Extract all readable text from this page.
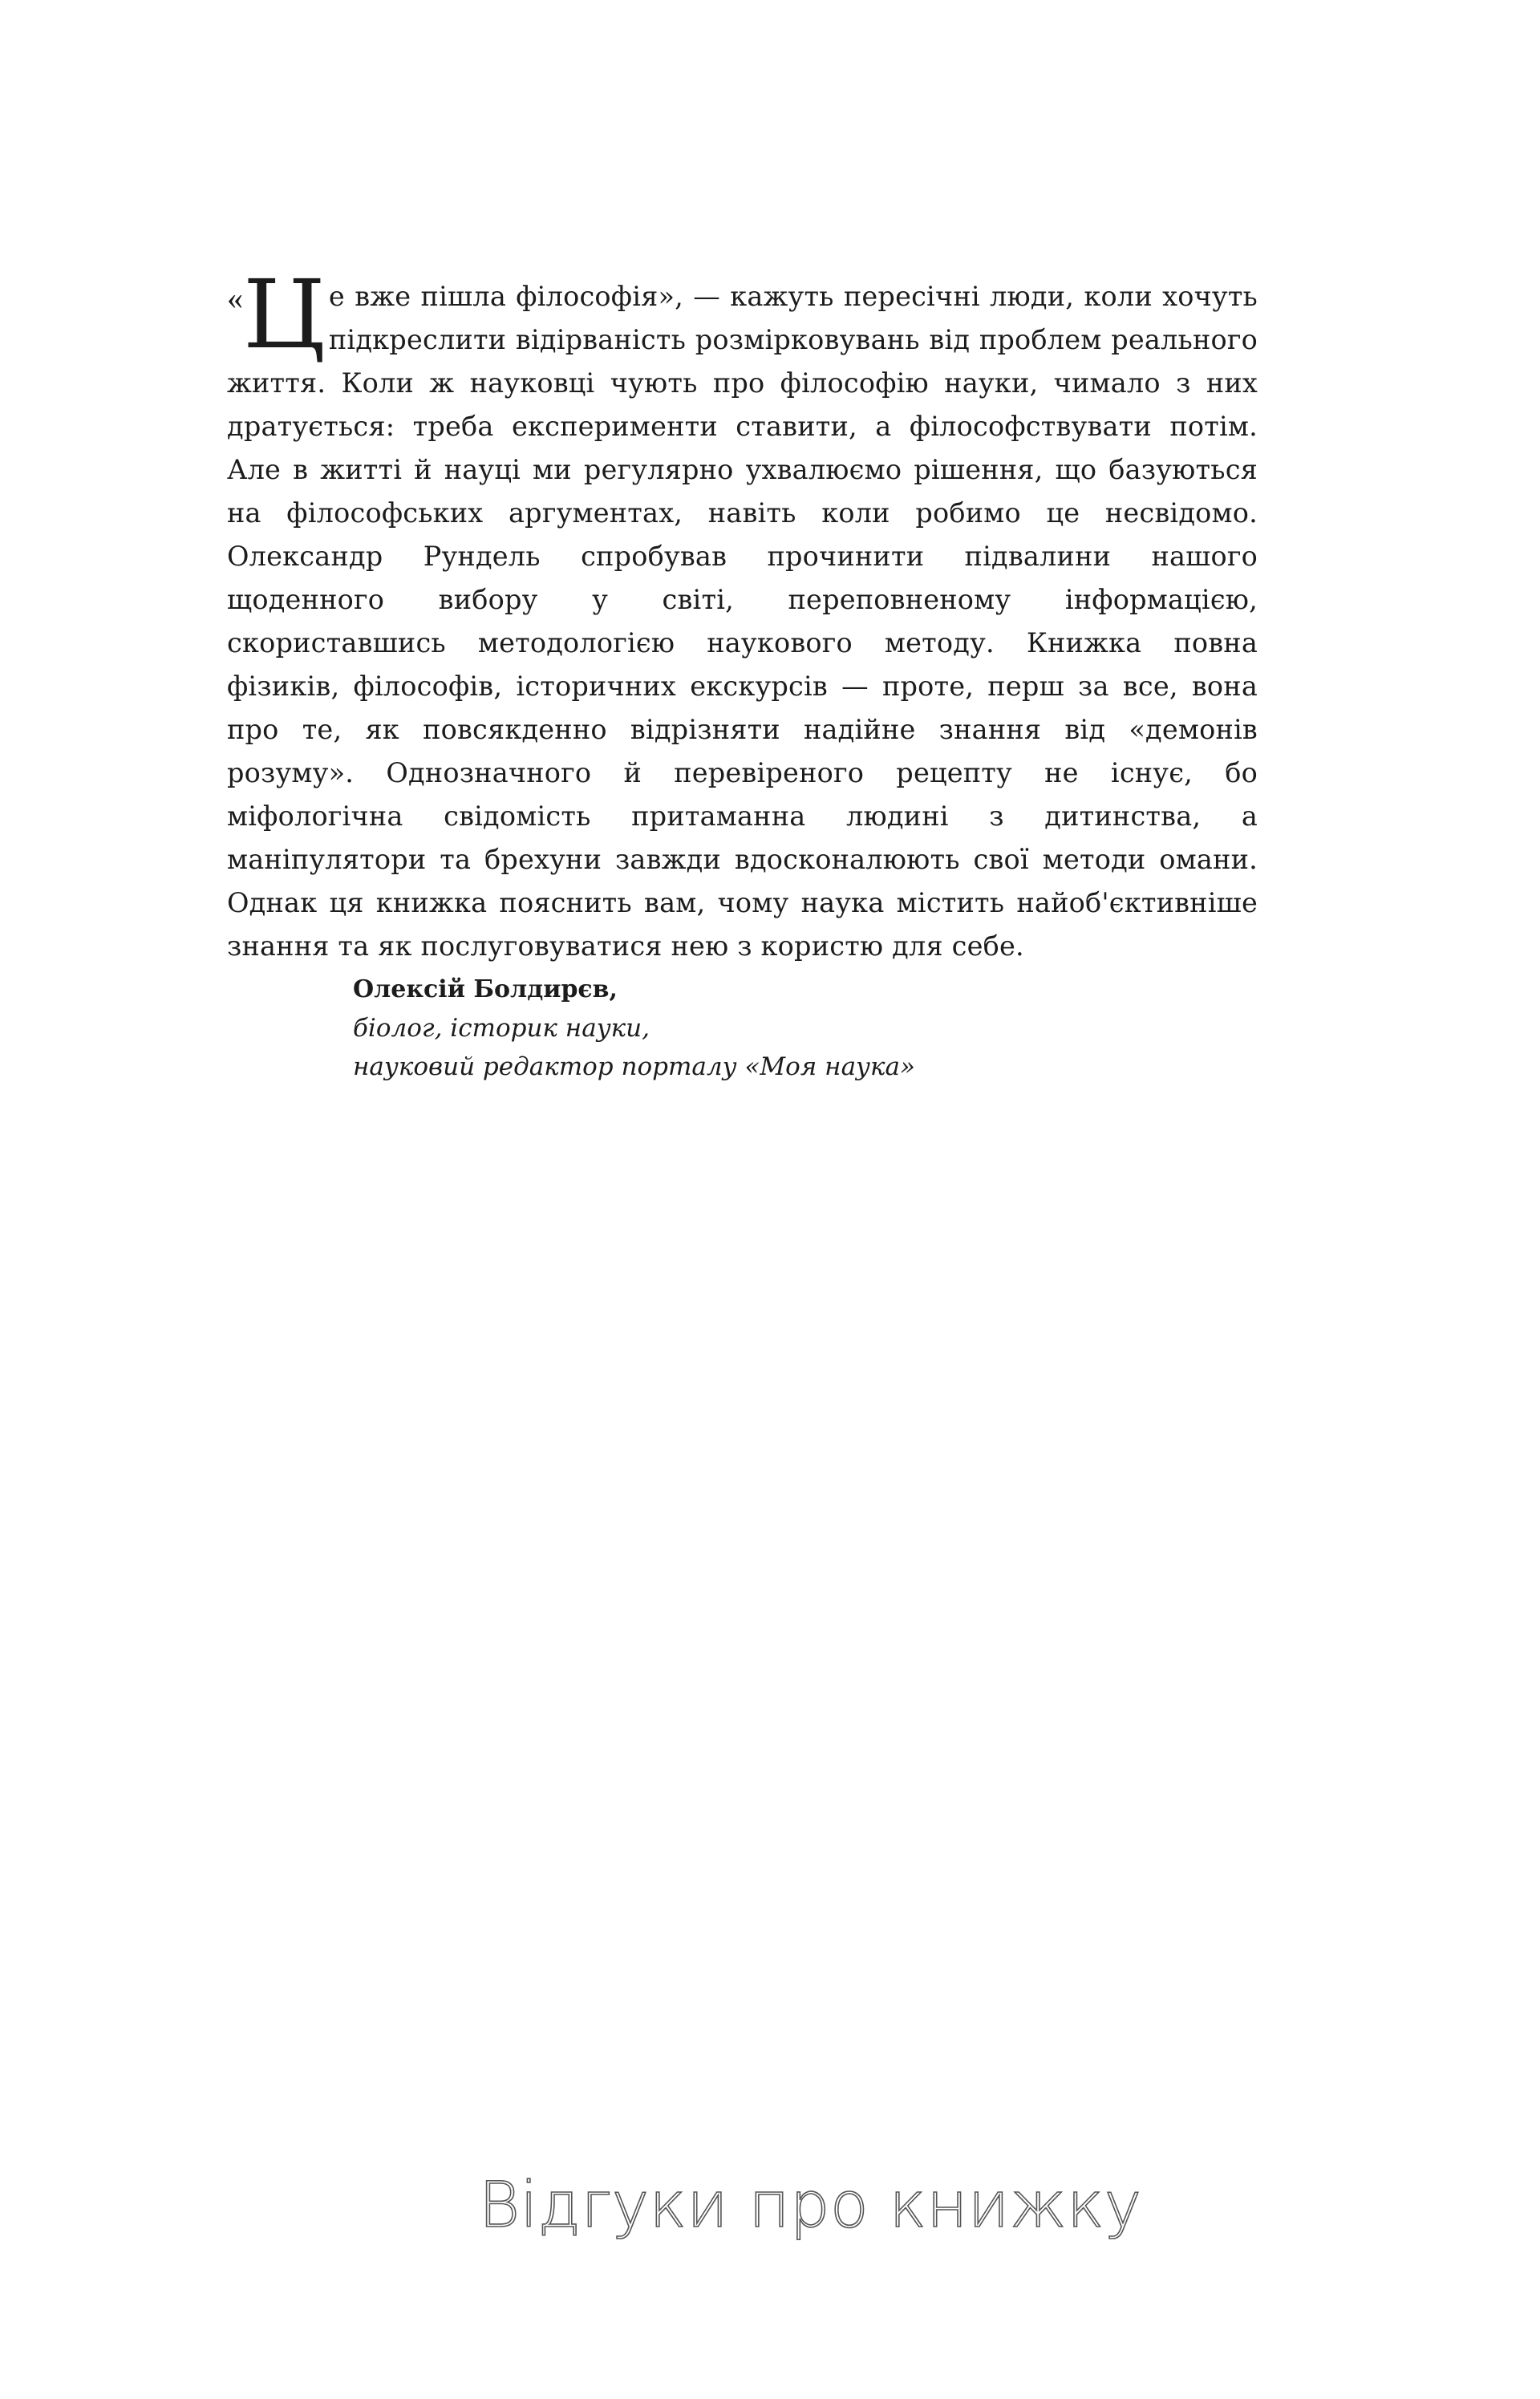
« Ц е вже пішла філософія», — кажуть пересічні люди, коли хочуть підкреслити відірваність розмірковувань від проблем реального життя. Коли ж науковці чують про філософію науки, чимало з них дратується: треба експерименти ставити, а філософствувати потім. Але в житті й науці ми регулярно ухвалюємо рішення, що базуються на філософських аргументах, навіть коли робимо це несвідомо. Олександр Рундель спробував прочинити підвалини нашого щоденного вибору у світі, переповненому інформацією, скориставшись методологією наукового методу. Книжка повна фізиків, філософів, історичних екскурсів — проте, перш за все, вона про те, як повсякденно відрізняти надійне знання від «демонів розуму». Однозначного й перевіреного рецепту не існує, бо міфологічна свідомість притаманна людині з дитинства, а маніпулятори та брехуни завжди вдосконалюють свої методи омани. Однак ця книжка пояснить вам, чому наука містить найоб'єктивніше знання та як послуговуватися нею з користю для себе.

Олексій Болдирєв,
біолог, історик науки,
науковий редактор порталу «Моя наука»
Відгуки про книжку
